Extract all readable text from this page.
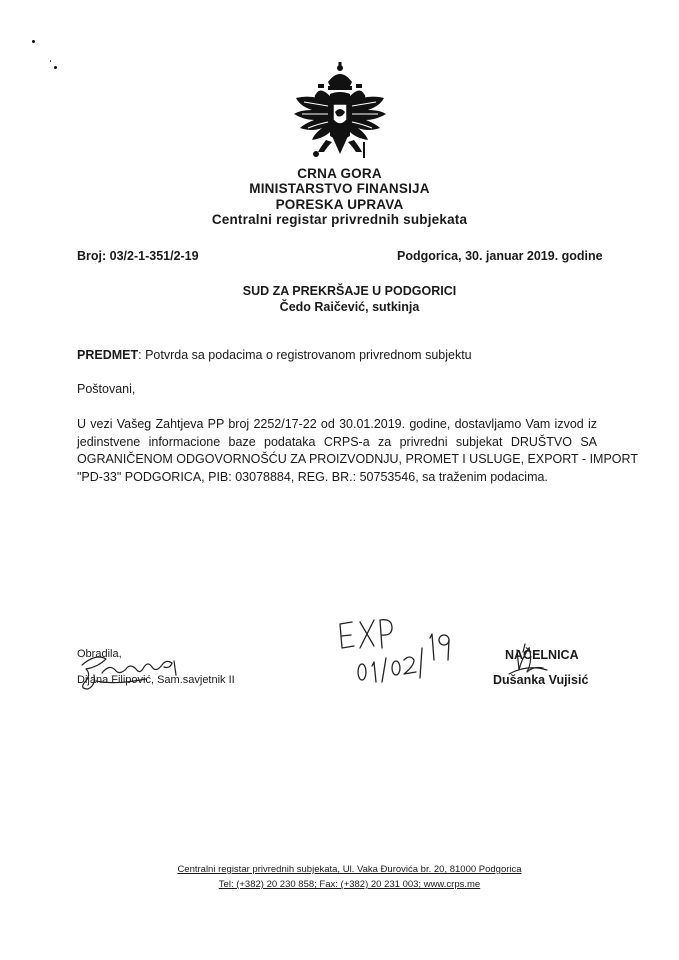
CRNA GORA
MINISTARSTVO FINANSIJA
PORESKA UPRAVA
Centralni registar privrednih subjekata
Broj: 03/2-1-351/2-19	Podgorica, 30. januar 2019. godine
SUD ZA PREKRŠAJE U PODGORICI
Čedo Raičević, sutkinja
PREDMET: Potvrda sa podacima o registrovanom privrednom subjektu
Poštovani,
U vezi Vašeg Zahtjeva PP broj 2252/17-22 od 30.01.2019. godine, dostavljamo Vam izvod iz
jedinstvene informacione baze podataka CRPS-a za privredni subjekat DRUŠTVO SA
OGRANIČENOM ODGOVORNOŠĆU ZA PROIZVODNJU, PROMET I USLUGE, EXPORT - IMPORT
"PD-33" PODGORICA, PIB: 03078884, REG. BR.: 50753546, sa traženim podacima.
Obradila,
Dijana Filipović, Sam.savjetnik II
NAČELNICA
Dušanka Vujisić
Centralni registar privrednih subjekata, Ul. Vaka Đurovića br. 20, 81000 Podgorica
Tel: (+382) 20 230 858; Fax: (+382) 20 231 003; www.crps.me
